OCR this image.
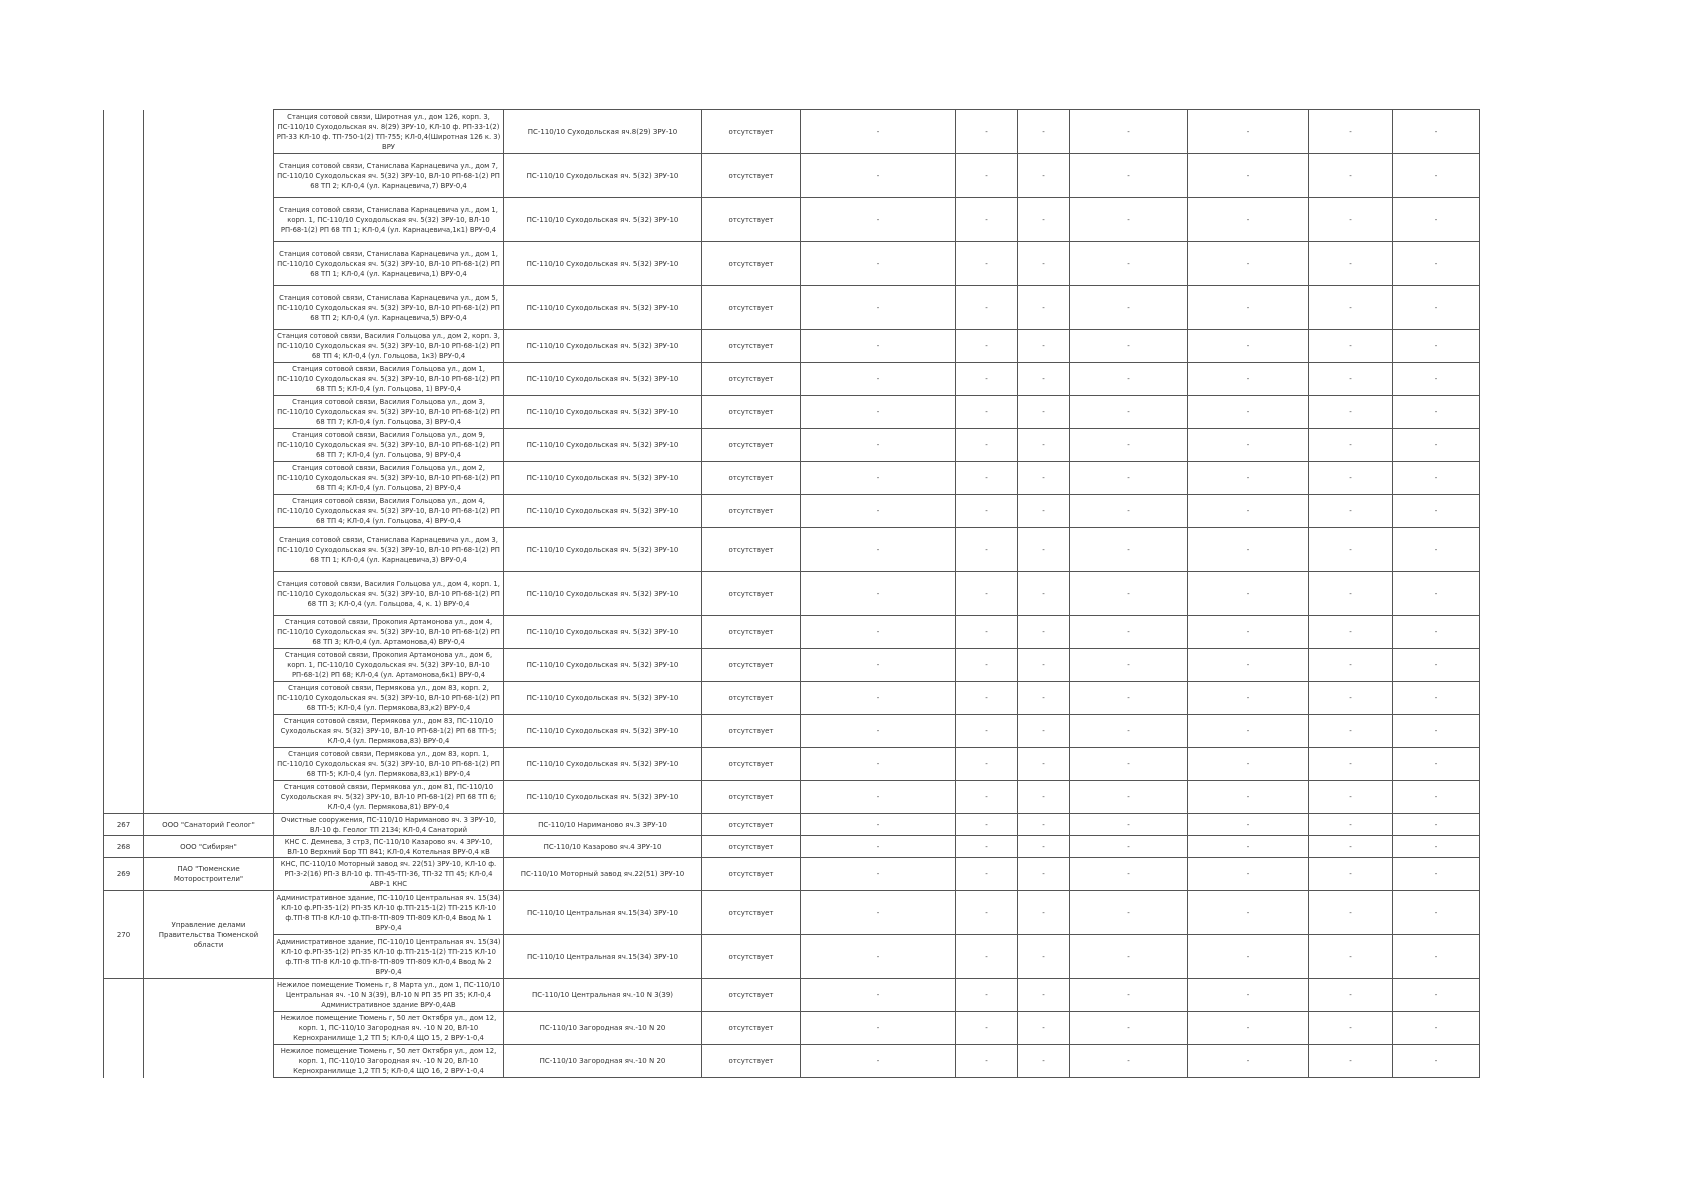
		Станция сотовой связи, Широтная ул., дом 126, корп. 3, ПС-110/10 Суходольская яч. 8(29) ЗРУ-10, КЛ-10 ф. РП-33-1(2) РП-33 КЛ-10 ф. ТП-750-1(2) ТП-755; КЛ-0,4(Широтная 126 к. 3) ВРУ	ПС-110/10 Суходольская яч.8(29) ЗРУ-10	отсутствует	-	-	-	-	-	-	-
		Станция сотовой связи, Станислава Карнацевича ул., дом 7, ПС-110/10 Суходольская яч. 5(32) ЗРУ-10, ВЛ-10 РП-68-1(2) РП 68 ТП 2; КЛ-0,4 (ул. Карнацевича,7) ВРУ-0,4	ПС-110/10 Суходольская яч. 5(32) ЗРУ-10	отсутствует	-	-	-	-	-	-	-
		Станция сотовой связи, Станислава Карнацевича ул., дом 1, корп. 1, ПС-110/10 Суходольская яч. 5(32) ЗРУ-10, ВЛ-10 РП-68-1(2) РП 68 ТП 1; КЛ-0,4 (ул. Карнацевича,1к1) ВРУ-0,4	ПС-110/10 Суходольская яч. 5(32) ЗРУ-10	отсутствует	-	-	-	-	-	-	-
		Станция сотовой связи, Станислава Карнацевича ул., дом 1, ПС-110/10 Суходольская яч. 5(32) ЗРУ-10, ВЛ-10 РП-68-1(2) РП 68 ТП 1; КЛ-0,4 (ул. Карнацевича,1) ВРУ-0,4	ПС-110/10 Суходольская яч. 5(32) ЗРУ-10	отсутствует	-	-	-	-	-	-	-
		Станция сотовой связи, Станислава Карнацевича ул., дом 5, ПС-110/10 Суходольская яч. 5(32) ЗРУ-10, ВЛ-10 РП-68-1(2) РП 68 ТП 2; КЛ-0,4 (ул. Карнацевича,5) ВРУ-0,4	ПС-110/10 Суходольская яч. 5(32) ЗРУ-10	отсутствует	-	-	-	-	-	-	-
		Станция сотовой связи, Василия Гольцова ул., дом 2, корп. 3, ПС-110/10 Суходольская яч. 5(32) ЗРУ-10, ВЛ-10 РП-68-1(2) РП 68 ТП 4; КЛ-0,4 (ул. Гольцова, 1к3) ВРУ-0,4	ПС-110/10 Суходольская яч. 5(32) ЗРУ-10	отсутствует	-	-	-	-	-	-	-
		Станция сотовой связи, Василия Гольцова ул., дом 1, ПС-110/10 Суходольская яч. 5(32) ЗРУ-10, ВЛ-10 РП-68-1(2) РП 68 ТП 5; КЛ-0,4 (ул. Гольцова, 1) ВРУ-0,4	ПС-110/10 Суходольская яч. 5(32) ЗРУ-10	отсутствует	-	-	-	-	-	-	-
		Станция сотовой связи, Василия Гольцова ул., дом 3, ПС-110/10 Суходольская яч. 5(32) ЗРУ-10, ВЛ-10 РП-68-1(2) РП 68 ТП 7; КЛ-0,4 (ул. Гольцова, 3) ВРУ-0,4	ПС-110/10 Суходольская яч. 5(32) ЗРУ-10	отсутствует	-	-	-	-	-	-	-
		Станция сотовой связи, Василия Гольцова ул., дом 9, ПС-110/10 Суходольская яч. 5(32) ЗРУ-10, ВЛ-10 РП-68-1(2) РП 68 ТП 7; КЛ-0,4 (ул. Гольцова, 9) ВРУ-0,4	ПС-110/10 Суходольская яч. 5(32) ЗРУ-10	отсутствует	-	-	-	-	-	-	-
		Станция сотовой связи, Василия Гольцова ул., дом 2, ПС-110/10 Суходольская яч. 5(32) ЗРУ-10, ВЛ-10 РП-68-1(2) РП 68 ТП 4; КЛ-0,4 (ул. Гольцова, 2) ВРУ-0,4	ПС-110/10 Суходольская яч. 5(32) ЗРУ-10	отсутствует	-	-	-	-	-	-	-
		Станция сотовой связи, Василия Гольцова ул., дом 4, ПС-110/10 Суходольская яч. 5(32) ЗРУ-10, ВЛ-10 РП-68-1(2) РП 68 ТП 4; КЛ-0,4 (ул. Гольцова, 4) ВРУ-0,4	ПС-110/10 Суходольская яч. 5(32) ЗРУ-10	отсутствует	-	-	-	-	-	-	-
		Станция сотовой связи, Станислава Карнацевича ул., дом 3, ПС-110/10 Суходольская яч. 5(32) ЗРУ-10, ВЛ-10 РП-68-1(2) РП 68 ТП 1; КЛ-0,4 (ул. Карнацевича,3) ВРУ-0,4	ПС-110/10 Суходольская яч. 5(32) ЗРУ-10	отсутствует	-	-	-	-	-	-	-
		Станция сотовой связи, Василия Гольцова ул., дом 4, корп. 1, ПС-110/10 Суходольская яч. 5(32) ЗРУ-10, ВЛ-10 РП-68-1(2) РП 68 ТП 3; КЛ-0,4 (ул. Гольцова, 4, к. 1) ВРУ-0,4	ПС-110/10 Суходольская яч. 5(32) ЗРУ-10	отсутствует	-	-	-	-	-	-	-
		Станция сотовой связи, Прокопия Артамонова ул., дом 4, ПС-110/10 Суходольская яч. 5(32) ЗРУ-10, ВЛ-10 РП-68-1(2) РП 68 ТП 3; КЛ-0,4 (ул. Артамонова,4) ВРУ-0,4	ПС-110/10 Суходольская яч. 5(32) ЗРУ-10	отсутствует	-	-	-	-	-	-	-
		Станция сотовой связи, Прокопия Артамонова ул., дом 6, корп. 1, ПС-110/10 Суходольская яч. 5(32) ЗРУ-10, ВЛ-10 РП-68-1(2) РП 68; КЛ-0,4 (ул. Артамонова,6к1) ВРУ-0,4	ПС-110/10 Суходольская яч. 5(32) ЗРУ-10	отсутствует	-	-	-	-	-	-	-
		Станция сотовой связи, Пермякова ул., дом 83, корп. 2, ПС-110/10 Суходольская яч. 5(32) ЗРУ-10, ВЛ-10 РП-68-1(2) РП 68 ТП-5; КЛ-0,4 (ул. Пермякова,83,к2) ВРУ-0,4	ПС-110/10 Суходольская яч. 5(32) ЗРУ-10	отсутствует	-	-	-	-	-	-	-
		Станция сотовой связи, Пермякова ул., дом 83, ПС-110/10 Суходольская яч. 5(32) ЗРУ-10, ВЛ-10 РП-68-1(2) РП 68 ТП-5; КЛ-0,4 (ул. Пермякова,83) ВРУ-0,4	ПС-110/10 Суходольская яч. 5(32) ЗРУ-10	отсутствует	-	-	-	-	-	-	-
		Станция сотовой связи, Пермякова ул., дом 83, корп. 1, ПС-110/10 Суходольская яч. 5(32) ЗРУ-10, ВЛ-10 РП-68-1(2) РП 68 ТП-5; КЛ-0,4 (ул. Пермякова,83,к1) ВРУ-0,4	ПС-110/10 Суходольская яч. 5(32) ЗРУ-10	отсутствует	-	-	-	-	-	-	-
		Станция сотовой связи, Пермякова ул., дом 81, ПС-110/10 Суходольская яч. 5(32) ЗРУ-10, ВЛ-10 РП-68-1(2) РП 68 ТП 6; КЛ-0,4 (ул. Пермякова,81) ВРУ-0,4	ПС-110/10 Суходольская яч. 5(32) ЗРУ-10	отсутствует	-	-	-	-	-	-	-
267	ООО "Санаторий Геолог"	Очистные сооружения, ПС-110/10 Нариманово яч. 3 ЗРУ-10, ВЛ-10 ф. Геолог ТП 2134; КЛ-0,4 Санаторий	ПС-110/10 Нариманово яч.3 ЗРУ-10	отсутствует	-	-	-	-	-	-	-
268	ООО "Сибирян"	КНС С. Демнева, 3 стр3, ПС-110/10 Казарово яч. 4 ЗРУ-10, ВЛ-10 Верхний Бор ТП 841; КЛ-0,4 Котельная ВРУ-0,4 кВ	ПС-110/10 Казарово яч.4 ЗРУ-10	отсутствует	-	-	-	-	-	-	-
269	ПАО "Тюменские Моторостроители"	КНС, ПС-110/10 Моторный завод яч. 22(51) ЗРУ-10, КЛ-10 ф. РП-3-2(16) РП-3 ВЛ-10 ф. ТП-45-ТП-36, ТП-32 ТП 45; КЛ-0,4 АВР-1 КНС	ПС-110/10 Моторный завод яч.22(51) ЗРУ-10	отсутствует	-	-	-	-	-	-	-
270	Управление делами Правительства Тюменской области	Административное здание, ПС-110/10 Центральная яч. 15(34) КЛ-10 ф.РП-35-1(2) РП-35 КЛ-10 ф.ТП-215-1(2) ТП-215 КЛ-10 ф.ТП-8 ТП-8 КЛ-10 ф.ТП-8-ТП-809 ТП-809 КЛ-0,4 Ввод № 1 ВРУ-0,4	ПС-110/10 Центральная яч.15(34) ЗРУ-10	отсутствует	-	-	-	-	-	-	-
		Административное здание, ПС-110/10 Центральная яч. 15(34) КЛ-10 ф.РП-35-1(2) РП-35 КЛ-10 ф.ТП-215-1(2) ТП-215 КЛ-10 ф.ТП-8 ТП-8 КЛ-10 ф.ТП-8-ТП-809 ТП-809 КЛ-0,4 Ввод № 2 ВРУ-0,4	ПС-110/10 Центральная яч.15(34) ЗРУ-10	отсутствует	-	-	-	-	-	-	-
		Нежилое помещение Тюмень г, 8 Марта ул., дом 1, ПС-110/10 Центральная яч. -10 N 3(39), ВЛ-10 N РП 35 РП 35; КЛ-0,4 Административное здание ВРУ-0,4АВ	ПС-110/10 Центральная яч.-10 N 3(39)	отсутствует	-	-	-	-	-	-	-
		Нежилое помещение Тюмень г, 50 лет Октября ул., дом 12, корп. 1, ПС-110/10 Загородная яч. -10 N 20, ВЛ-10 Кернохранилище 1,2 ТП 5; КЛ-0,4 ЩО 15, 2 ВРУ-1-0,4	ПС-110/10 Загородная яч.-10 N 20	отсутствует	-	-	-	-	-	-	-
		Нежилое помещение Тюмень г, 50 лет Октября ул., дом 12, корп. 1, ПС-110/10 Загородная яч. -10 N 20, ВЛ-10 Кернохранилище 1,2 ТП 5; КЛ-0,4 ЩО 16, 2 ВРУ-1-0,4	ПС-110/10 Загородная яч.-10 N 20	отсутствует	-	-	-	-	-	-	-
